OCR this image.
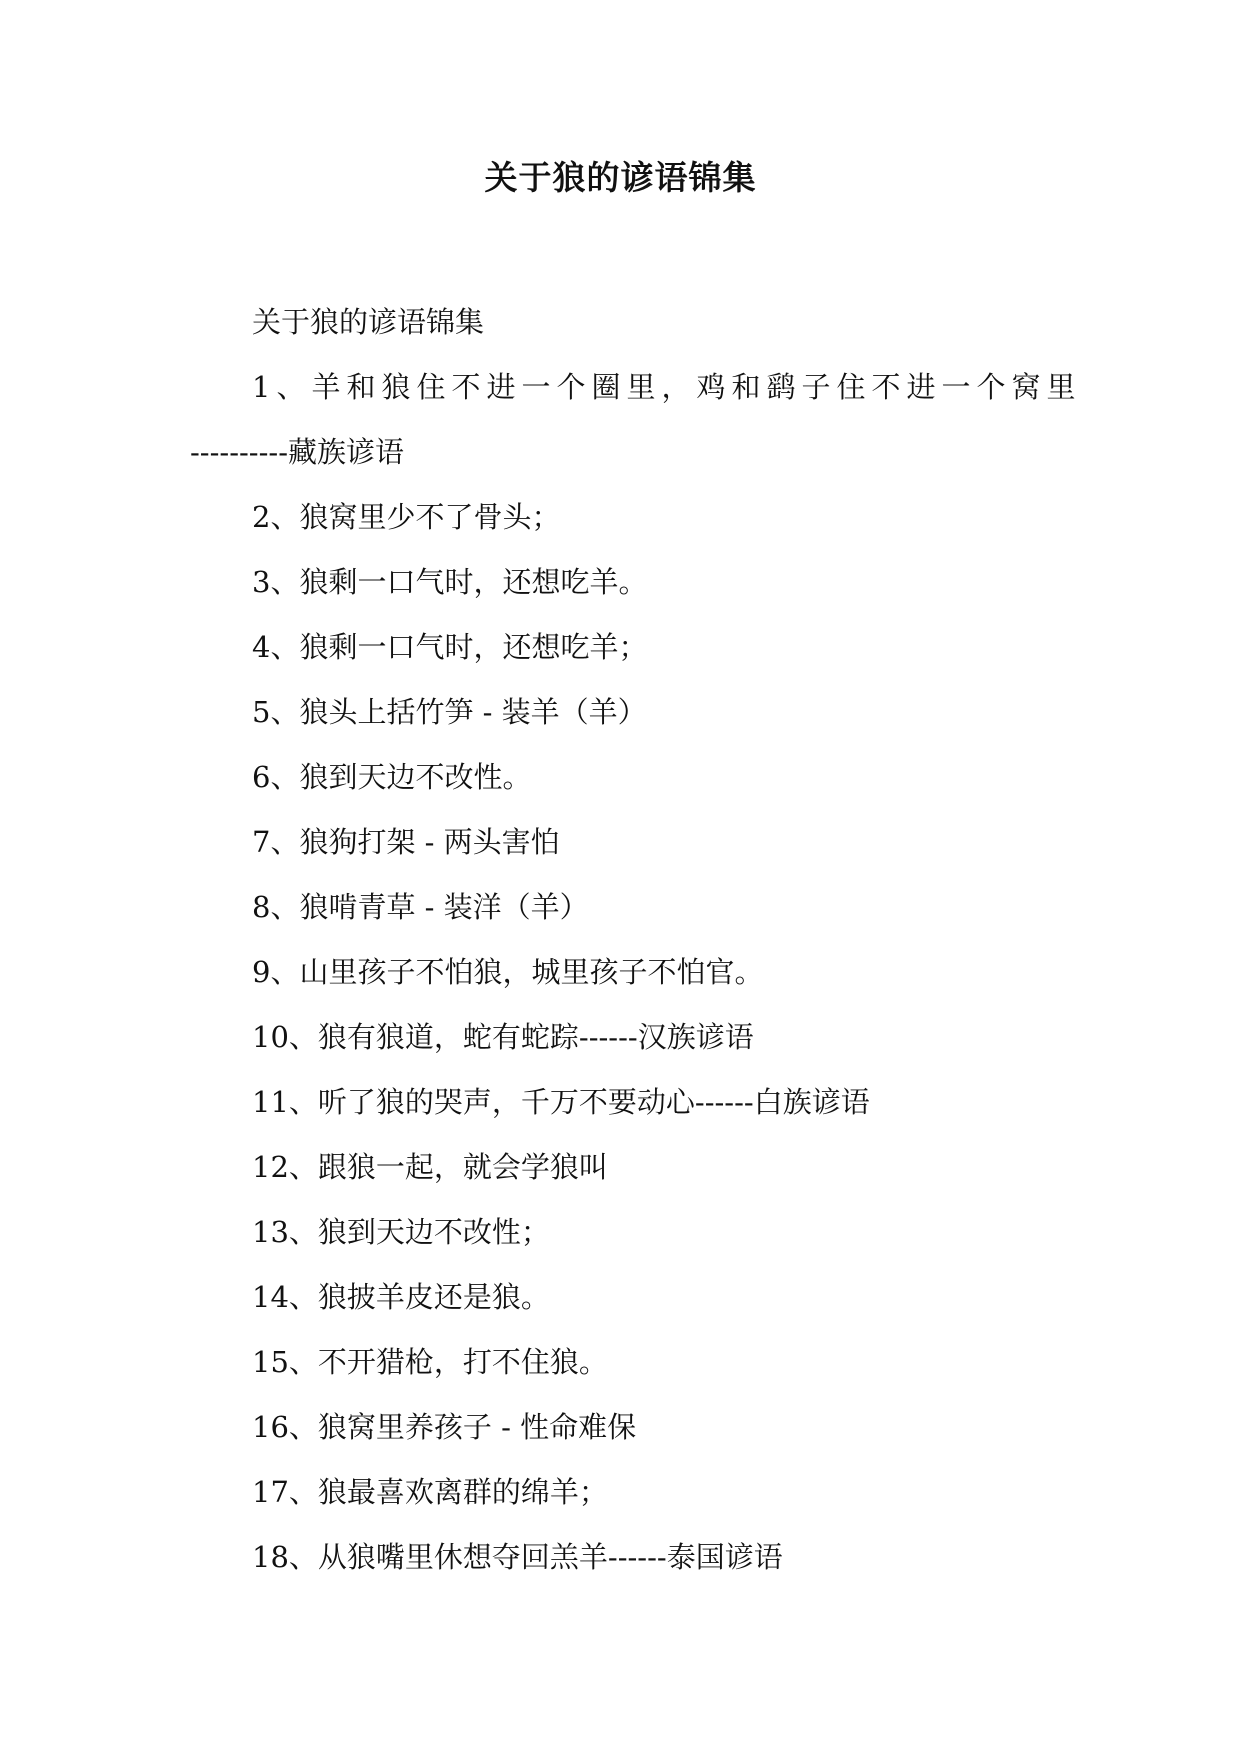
关于狼的谚语锦集

关于狼的谚语锦集

1、羊和狼住不进一个圈里，鸡和鹞子住不进一个窝里

----------藏族谚语

2、狼窝里少不了骨头；

3、狼剩一口气时，还想吃羊。

4、狼剩一口气时，还想吃羊；

5、狼头上括竹笋 - 装羊（羊）

6、狼到天边不改性。

7、狼狗打架 - 两头害怕

8、狼啃青草 - 装洋（羊）

9、山里孩子不怕狼，城里孩子不怕官。

10、狼有狼道，蛇有蛇踪------汉族谚语

11、听了狼的哭声，千万不要动心------白族谚语

12、跟狼一起，就会学狼叫

13、狼到天边不改性；

14、狼披羊皮还是狼。

15、不开猎枪，打不住狼。

16、狼窝里养孩子 - 性命难保

17、狼最喜欢离群的绵羊；

18、从狼嘴里休想夺回羔羊------泰国谚语
